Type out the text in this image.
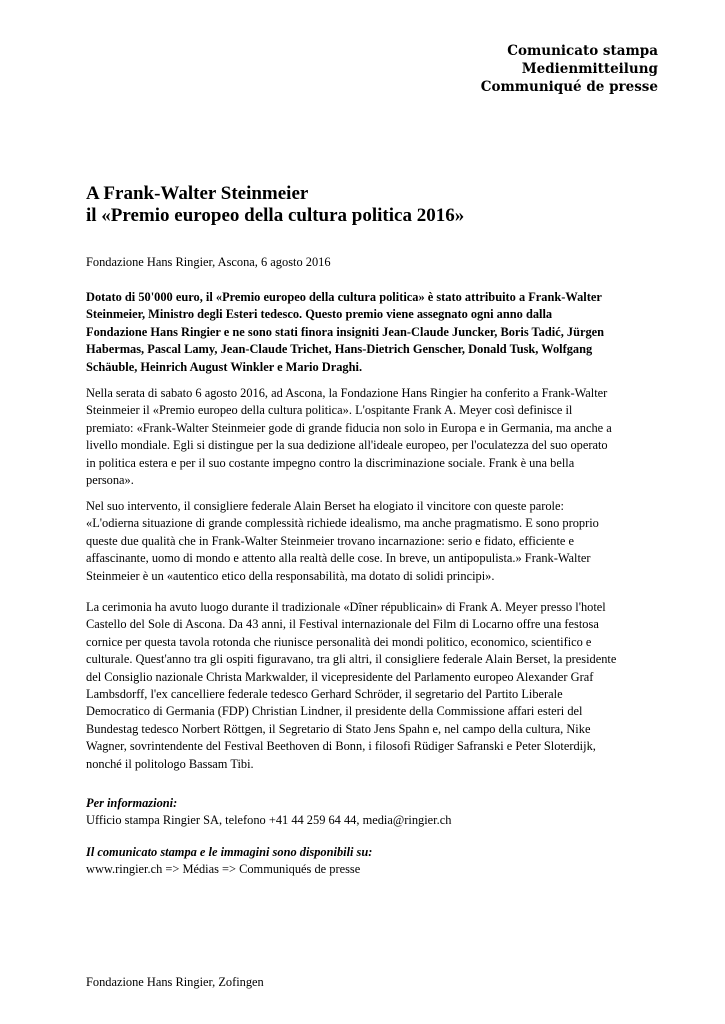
Comunicato stampa
Medienmitteilung
Communiqué de presse
A Frank-Walter Steinmeier
il «Premio europeo della cultura politica 2016»
Fondazione Hans Ringier, Ascona, 6 agosto 2016
Dotato di 50'000 euro, il «Premio europeo della cultura politica» è stato attribuito a Frank-Walter
Steinmeier, Ministro degli Esteri tedesco. Questo premio viene assegnato ogni anno dalla
Fondazione Hans Ringier e ne sono stati finora insigniti Jean-Claude Juncker, Boris Tadić, Jürgen
Habermas, Pascal Lamy, Jean-Claude Trichet, Hans-Dietrich Genscher, Donald Tusk, Wolfgang
Schäuble, Heinrich August Winkler e Mario Draghi.
Nella serata di sabato 6 agosto 2016, ad Ascona, la Fondazione Hans Ringier ha conferito a Frank-Walter
Steinmeier il «Premio europeo della cultura politica». L'ospitante Frank A. Meyer così definisce il
premiato: «Frank-Walter Steinmeier gode di grande fiducia non solo in Europa e in Germania, ma anche a
livello mondiale. Egli si distingue per la sua dedizione all'ideale europeo, per l'oculatezza del suo operato
in politica estera e per il suo costante impegno contro la discriminazione sociale. Frank è una bella
persona».
Nel suo intervento, il consigliere federale Alain Berset ha elogiato il vincitore con queste parole:
«L'odierna situazione di grande complessità richiede idealismo, ma anche pragmatismo. E sono proprio
queste due qualità che in Frank-Walter Steinmeier trovano incarnazione: serio e fidato, efficiente e
affascinante, uomo di mondo e attento alla realtà delle cose. In breve, un antipopulista.» Frank-Walter
Steinmeier è un «autentico etico della responsabilità, ma dotato di solidi principi».
La cerimonia ha avuto luogo durante il tradizionale «Dîner républicain» di Frank A. Meyer presso l'hotel
Castello del Sole di Ascona. Da 43 anni, il Festival internazionale del Film di Locarno offre una festosa
cornice per questa tavola rotonda che riunisce personalità dei mondi politico, economico, scientifico e
culturale. Quest'anno tra gli ospiti figuravano, tra gli altri, il consigliere federale Alain Berset, la presidente
del Consiglio nazionale Christa Markwalder, il vicepresidente del Parlamento europeo Alexander Graf
Lambsdorff, l'ex cancelliere federale tedesco Gerhard Schröder, il segretario del Partito Liberale
Democratico di Germania (FDP) Christian Lindner, il presidente della Commissione affari esteri del
Bundestag tedesco Norbert Röttgen, il Segretario di Stato Jens Spahn e, nel campo della cultura, Nike
Wagner, sovrintendente del Festival Beethoven di Bonn, i filosofi Rüdiger Safranski e Peter Sloterdijk,
nonché il politologo Bassam Tibi.
Per informazioni:
Ufficio stampa Ringier SA, telefono +41 44 259 64 44, media@ringier.ch
Il comunicato stampa e le immagini sono disponibili su:
www.ringier.ch => Médias => Communiqués de presse
Fondazione Hans Ringier, Zofingen
